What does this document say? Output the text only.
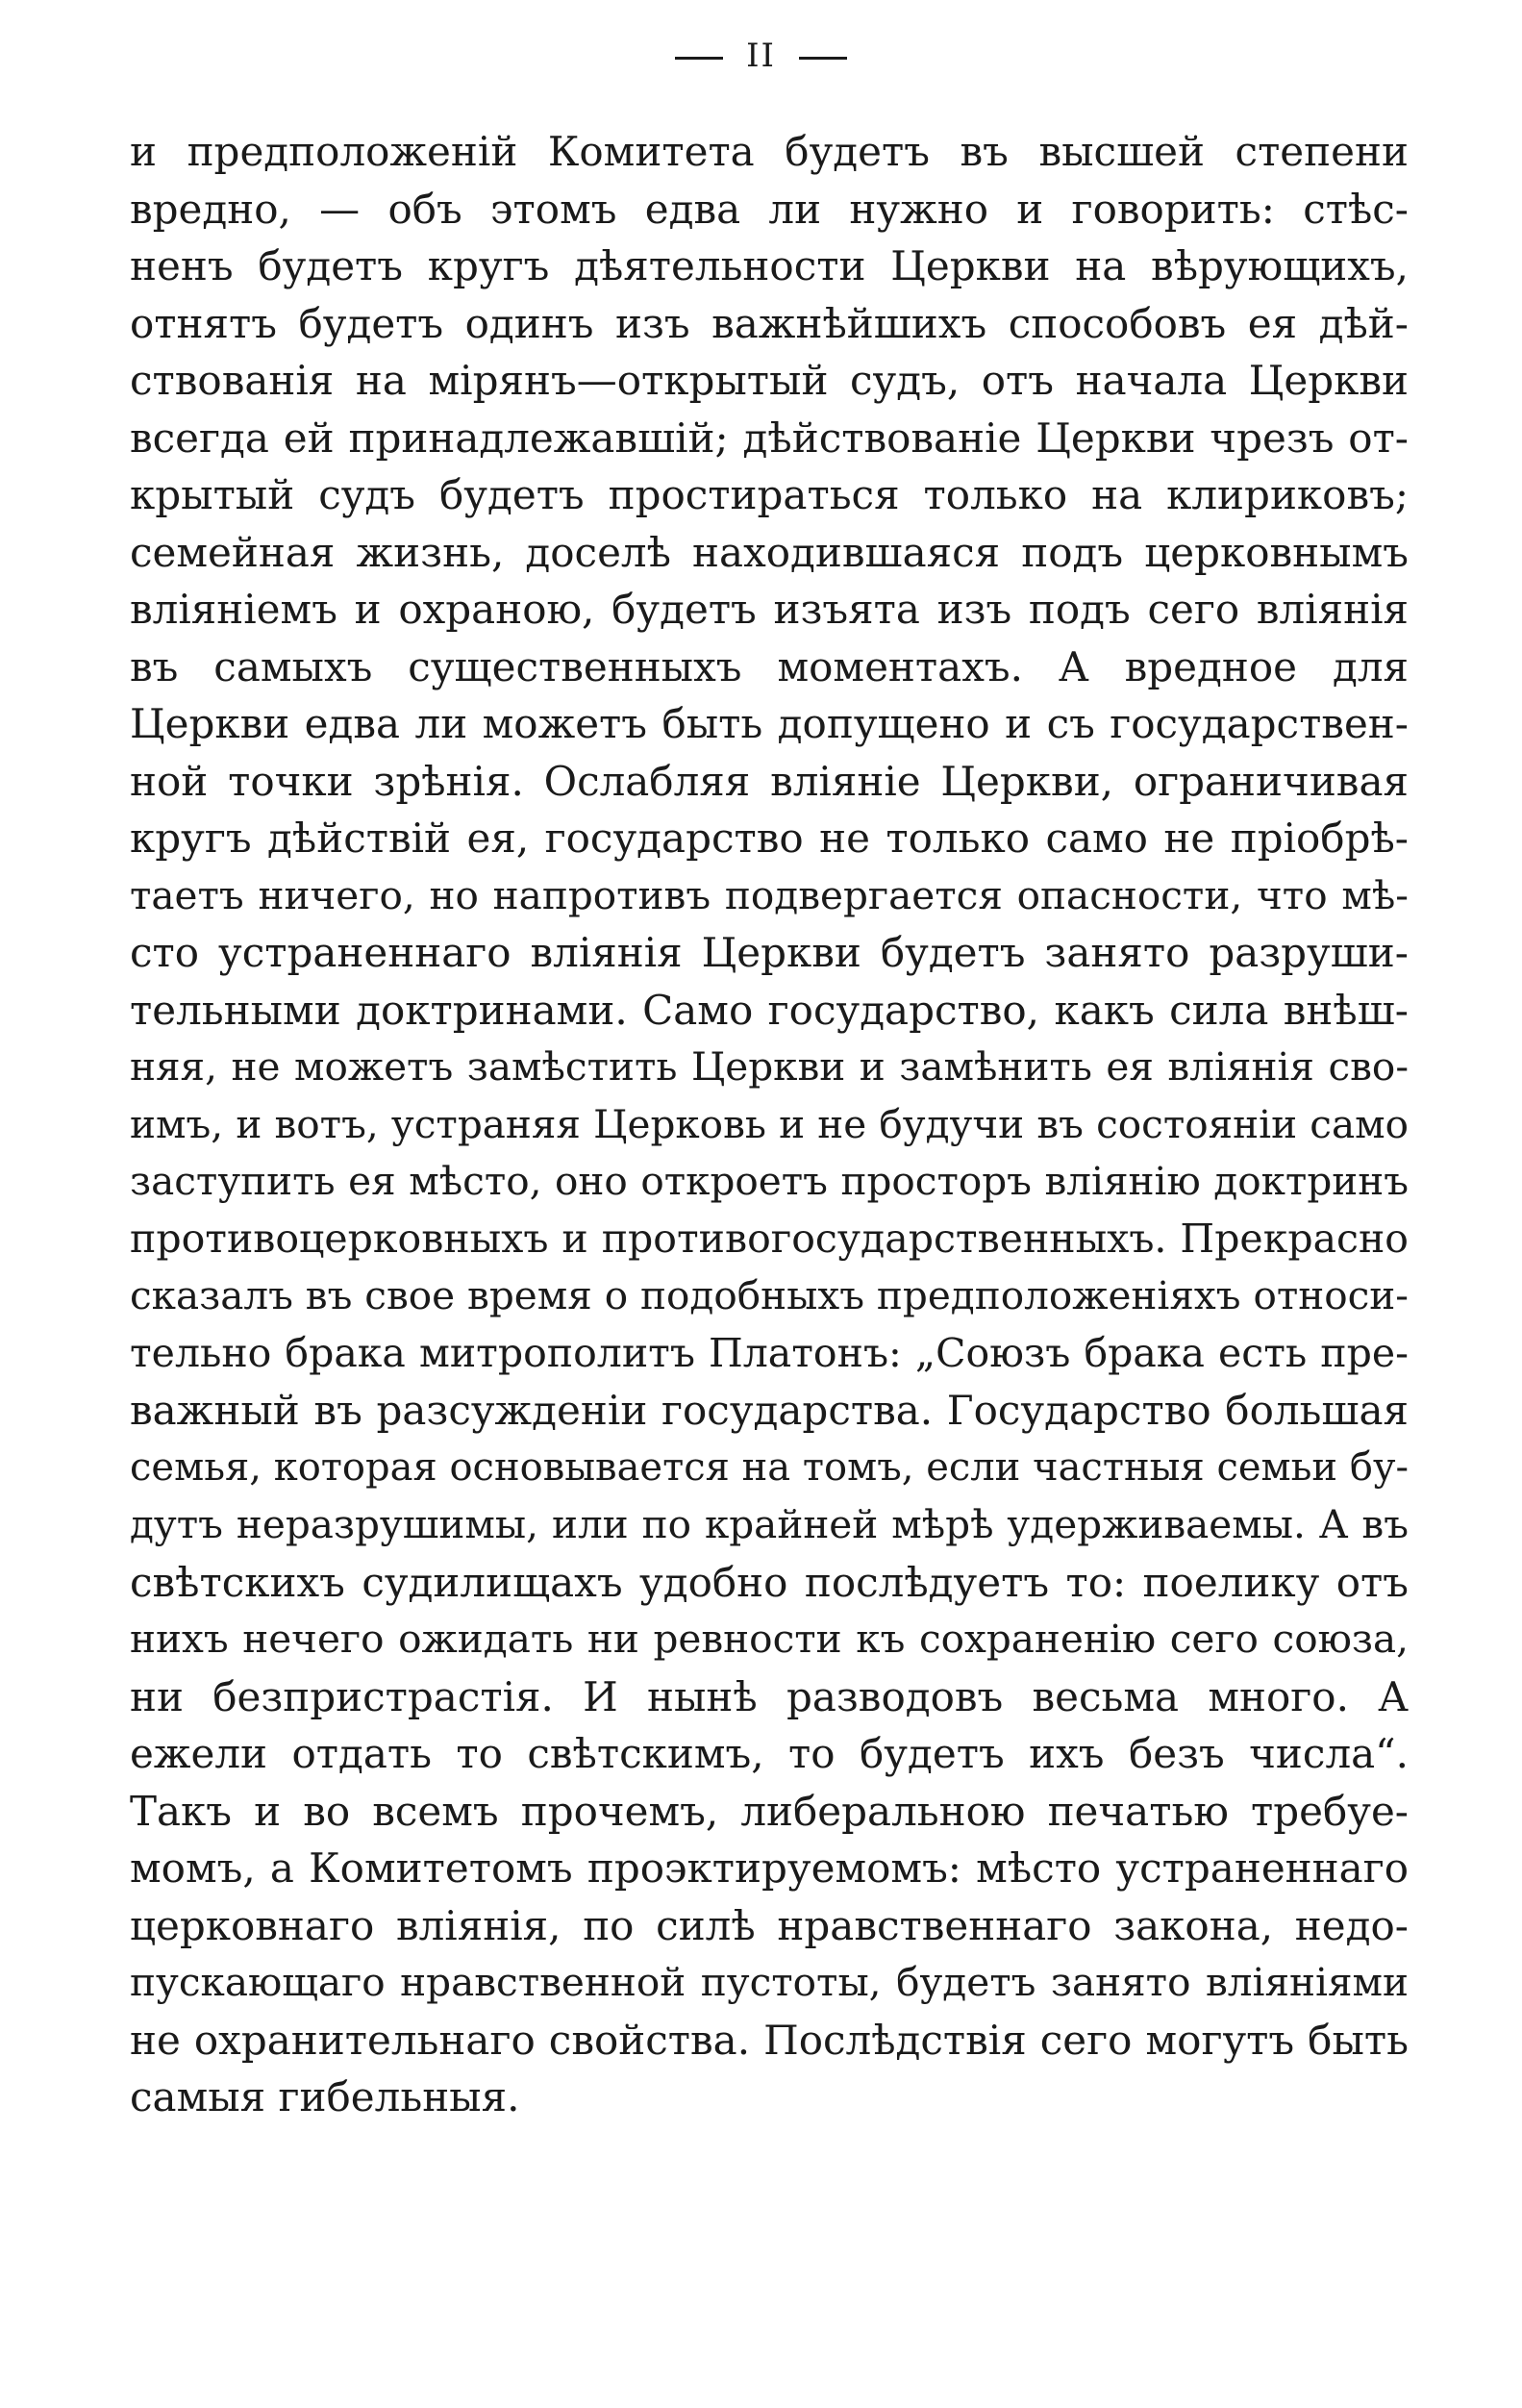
II
и предположеній Комитета будетъ въ высшей степени
вредно, — объ этомъ едва ли нужно и говорить: стѣс-
ненъ будетъ кругъ дѣятельности Церкви на вѣрующихъ,
отнятъ будетъ одинъ изъ важнѣйшихъ способовъ ея дѣй-
ствованія на мірянъ—открытый судъ, отъ начала Церкви
всегда ей принадлежавшій; дѣйствованіе Церкви чрезъ от-
крытый судъ будетъ простираться только на клириковъ;
семейная жизнь, доселѣ находившаяся подъ церковнымъ
вліяніемъ и охраною, будетъ изъята изъ подъ сего вліянія
въ самыхъ существенныхъ моментахъ. А вредное для
Церкви едва ли можетъ быть допущено и съ государствен-
ной точки зрѣнія. Ослабляя вліяніе Церкви, ограничивая
кругъ дѣйствій ея, государство не только само не пріобрѣ-
таетъ ничего, но напротивъ подвергается опасности, что мѣ-
сто устраненнаго вліянія Церкви будетъ занято разруши-
тельными доктринами. Само государство, какъ сила внѣш-
няя, не можетъ замѣстить Церкви и замѣнить ея вліянія сво-
имъ, и вотъ, устраняя Церковь и не будучи въ состояніи само
заступить ея мѣсто, оно откроетъ просторъ вліянію доктринъ
противоцерковныхъ и противогосударственныхъ. Прекрасно
сказалъ въ свое время о подобныхъ предположеніяхъ относи-
тельно брака митрополитъ Платонъ: „Союзъ брака есть пре-
важный въ разсужденіи государства. Государство большая
семья, которая основывается на томъ, если частныя семьи бу-
дутъ неразрушимы, или по крайней мѣрѣ удерживаемы. А въ
свѣтскихъ судилищахъ удобно послѣдуетъ то: поелику отъ
нихъ нечего ожидать ни ревности къ сохраненію сего союза,
ни безпристрастія. И нынѣ разводовъ весьма много. А
ежели отдать то свѣтскимъ, то будетъ ихъ безъ числа“.
Такъ и во всемъ прочемъ, либеральною печатью требуе-
момъ, а Комитетомъ проэктируемомъ: мѣсто устраненнаго
церковнаго вліянія, по силѣ нравственнаго закона, недо-
пускающаго нравственной пустоты, будетъ занято вліяніями
не охранительнаго свойства. Послѣдствія сего могутъ быть
самыя гибельныя.
